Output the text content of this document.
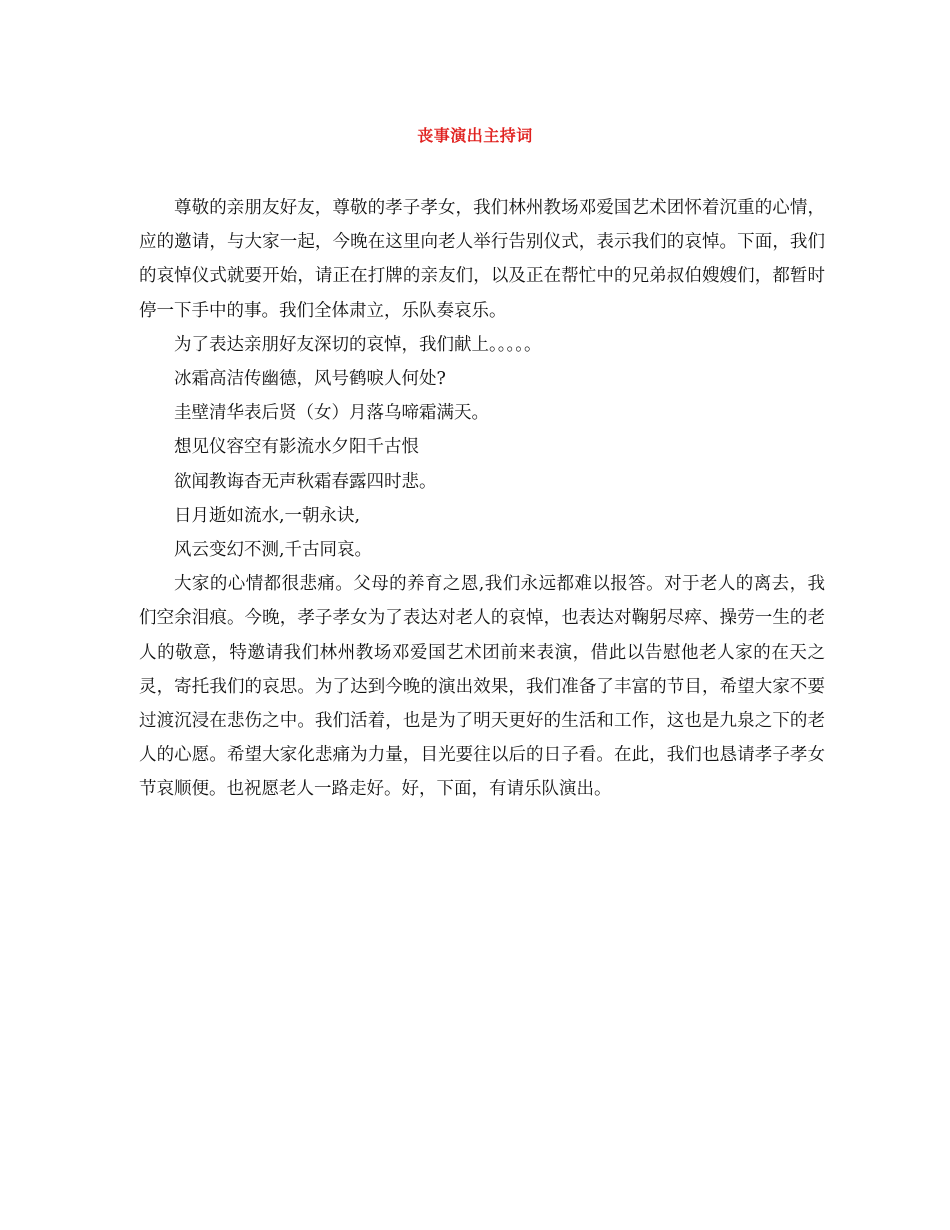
丧事演出主持词

尊敬的亲朋友好友，尊敬的孝子孝女，我们林州教场邓爱国艺术团怀着沉重的心情，应的邀请，与大家一起，今晚在这里向老人举行告别仪式，表示我们的哀悼。下面，我们的哀悼仪式就要开始，请正在打牌的亲友们，以及正在帮忙中的兄弟叔伯嫂嫂们，都暂时停一下手中的事。我们全体肃立，乐队奏哀乐。

为了表达亲朋好友深切的哀悼，我们献上。。。。。

冰霜高洁传幽德，风号鹤唳人何处?

圭壁清华表后贤（女）月落乌啼霜满天。

想见仪容空有影流水夕阳千古恨

欲闻教诲杳无声秋霜春露四时悲。

日月逝如流水,一朝永诀,

风云变幻不测,千古同哀。

大家的心情都很悲痛。父母的养育之恩,我们永远都难以报答。对于老人的离去，我们空余泪痕。今晚，孝子孝女为了表达对老人的哀悼，也表达对鞠躬尽瘁、操劳一生的老人的敬意，特邀请我们林州教场邓爱国艺术团前来表演，借此以告慰他老人家的在天之灵，寄托我们的哀思。为了达到今晚的演出效果，我们准备了丰富的节目，希望大家不要过渡沉浸在悲伤之中。我们活着，也是为了明天更好的生活和工作，这也是九泉之下的老人的心愿。希望大家化悲痛为力量，目光要往以后的日子看。在此，我们也恳请孝子孝女节哀顺便。也祝愿老人一路走好。好，下面，有请乐队演出。
